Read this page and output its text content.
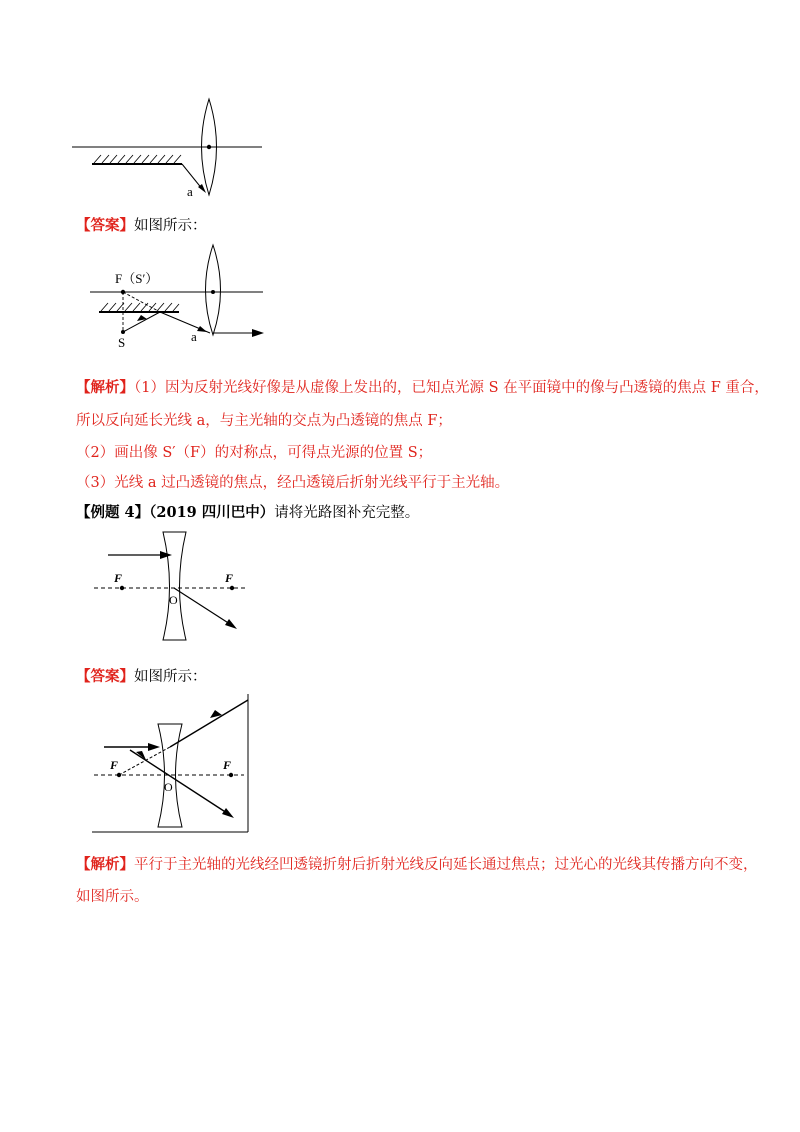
a
【答案】如图所示：
F（S′）
S	a
【解析】（1）因为反射光线好像是从虚像上发出的，已知点光源 S 在平面镜中的像与凸透镜的焦点 F 重合，
所以反向延长光线 a，与主光轴的交点为凸透镜的焦点 F；
（2）画出像 S′（F）的对称点，可得点光源的位置 S；
（3）光线 a 过凸透镜的焦点，经凸透镜后折射光线平行于主光轴。
【例题 4】（2019 四川巴中）请将光路图补充完整。
F	F
O
【答案】如图所示：
F	F
O
【解析】平行于主光轴的光线经凹透镜折射后折射光线反向延长通过焦点；过光心的光线其传播方向不变，
如图所示。
